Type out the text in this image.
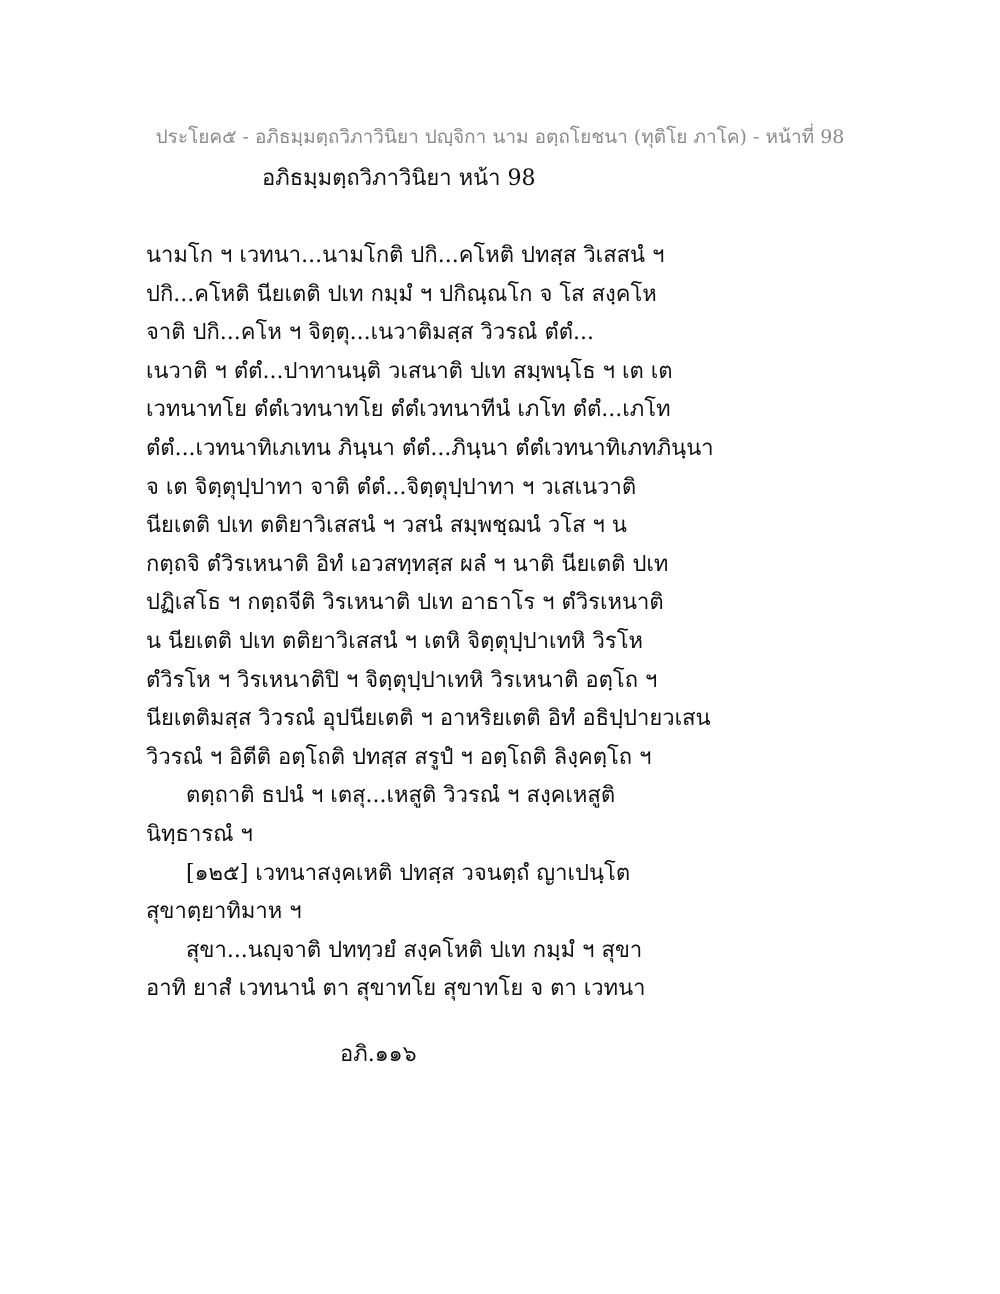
ประโยค๕ - อภิธมฺมตฺถวิภาวินิยา ปญฺจิกา นาม อตฺถโยชนา (ทุติโย ภาโค) - หน้าที่ 98
อภิธมฺมตฺถวิภาวินิยา หน้า 98
นามโก ฯ เวทนา...นามโกติ ปกิ...คโหติ ปทสฺส วิเสสนํ ฯ
ปกิ...คโหติ นียเตติ ปเท กมฺมํ ฯ ปกิณฺณโก จ โส สงฺคโห
จาติ ปกิ...คโห ฯ จิตฺตุ...เนวาติมสฺส วิวรณํ ตํตํ...
เนวาติ ฯ ตํตํ...ปาทานนฺติ วเสนาติ ปเท สมฺพนฺโธ ฯ เต เต
เวทนาทโย ตํตํเวทนาทโย ตํตํเวทนาทีนํ เภโท ตํตํ...เภโท
ตํตํ...เวทนาทิเภเทน ภินฺนา ตํตํ...ภินฺนา ตํตํเวทนาทิเภทภินฺนา
จ เต จิตฺตุปฺปาทา จาติ ตํตํ...จิตฺตุปฺปาทา ฯ วเสเนวาติ
นียเตติ ปเท ตติยาวิเสสนํ ฯ วสนํ สมฺพชฺฌนํ วโส ฯ น
กตฺถจิ ตํวิรเหนาติ อิทํ เอวสทฺทสฺส ผลํ ฯ นาติ นียเตติ ปเท
ปฏิเสโธ ฯ กตฺถจีติ วิรเหนาติ ปเท อาธาโร ฯ ตํวิรเหนาติ
น นียเตติ ปเท ตติยาวิเสสนํ ฯ เตหิ จิตฺตุปฺปาเทหิ วิรโห
ตํวิรโห ฯ วิรเหนาติปิ ฯ จิตฺตุปฺปาเทหิ วิรเหนาติ อตฺโถ ฯ
นียเตติมสฺส วิวรณํ อุปนียเตติ ฯ อาหริยเตติ อิทํ อธิปฺปายวเสน
วิวรณํ ฯ อิตีติ อตฺโถติ ปทสฺส สรูปํ ฯ อตฺโถติ ลิงฺคตฺโถ ฯ
ตตฺถาติ ธปนํ ฯ เตสุ...เหสูติ วิวรณํ ฯ สงฺคเหสูติ
นิทฺธารณํ ฯ
[๑๒๕] เวทนาสงฺคเหติ ปทสฺส วจนตฺถํ ญาเปนฺโต
สุขาตฺยาทิมาห ฯ
สุขา...นญฺจาติ ปททฺวยํ สงฺคโหติ ปเท กมฺมํ ฯ สุขา
อาทิ ยาสํ เวทนานํ ตา สุขาทโย สุขาทโย จ ตา เวทนา
อภิ.๑๑๖
